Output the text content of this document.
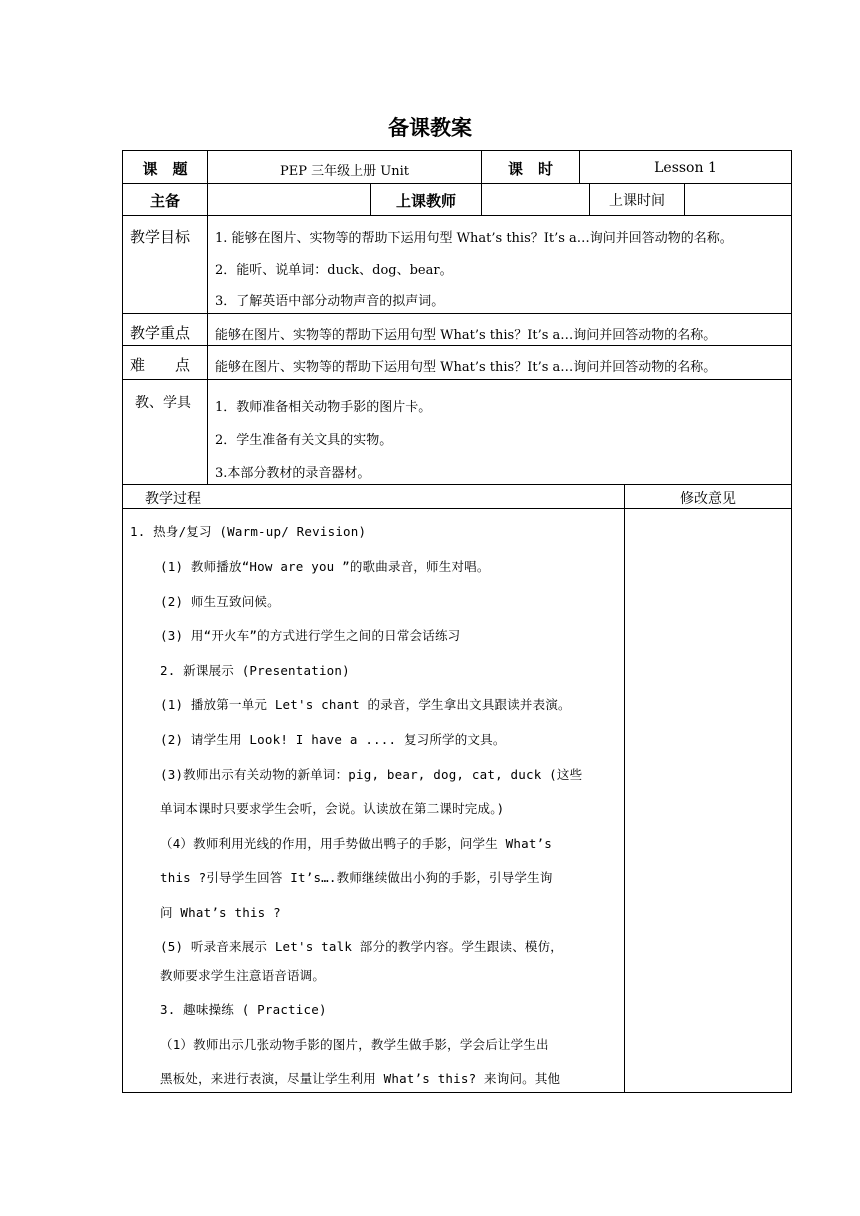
备课教案
课　题	PEP 三年级上册 Unit	课　时	Lesson 1
主备	上课教师	上课时间
教学目标 1. 能够在图片、实物等的帮助下运用句型 What’s this？It’s a…询问并回答动物的名称。
2．能听、说单词：duck、dog、bear。
3．了解英语中部分动物声音的拟声词。
教学重点 能够在图片、实物等的帮助下运用句型 What’s this？It’s a…询问并回答动物的名称。
难　　点 能够在图片、实物等的帮助下运用句型 What’s this？It’s a…询问并回答动物的名称。
教、学具 1．教师准备相关动物手影的图片卡。
2．学生准备有关文具的实物。
3.本部分教材的录音器材。
教学过程	修改意见
1. 热身/复习 (Warm-up/ Revision)
(1) 教师播放“How are you ”的歌曲录音，师生对唱。
(2) 师生互致问候。
(3) 用“开火车”的方式进行学生之间的日常会话练习
2. 新课展示 (Presentation)
(1) 播放第一单元 Let's chant 的录音，学生拿出文具跟读并表演。
(2) 请学生用 Look! I have a .... 复习所学的文具。
(3)教师出示有关动物的新单词：pig, bear, dog, cat, duck (这些
单词本课时只要求学生会听，会说。认读放在第二课时完成。)
（4）教师利用光线的作用，用手势做出鸭子的手影，问学生 What’s
this ?引导学生回答 It’s….教师继续做出小狗的手影，引导学生询
问 What’s this ?
(5) 听录音来展示 Let's talk 部分的教学内容。学生跟读、模仿，
教师要求学生注意语音语调。
3. 趣味操练 ( Practice)
（1）教师出示几张动物手影的图片，教学生做手影，学会后让学生出
黑板处，来进行表演，尽量让学生利用 What’s this? 来询问。其他
